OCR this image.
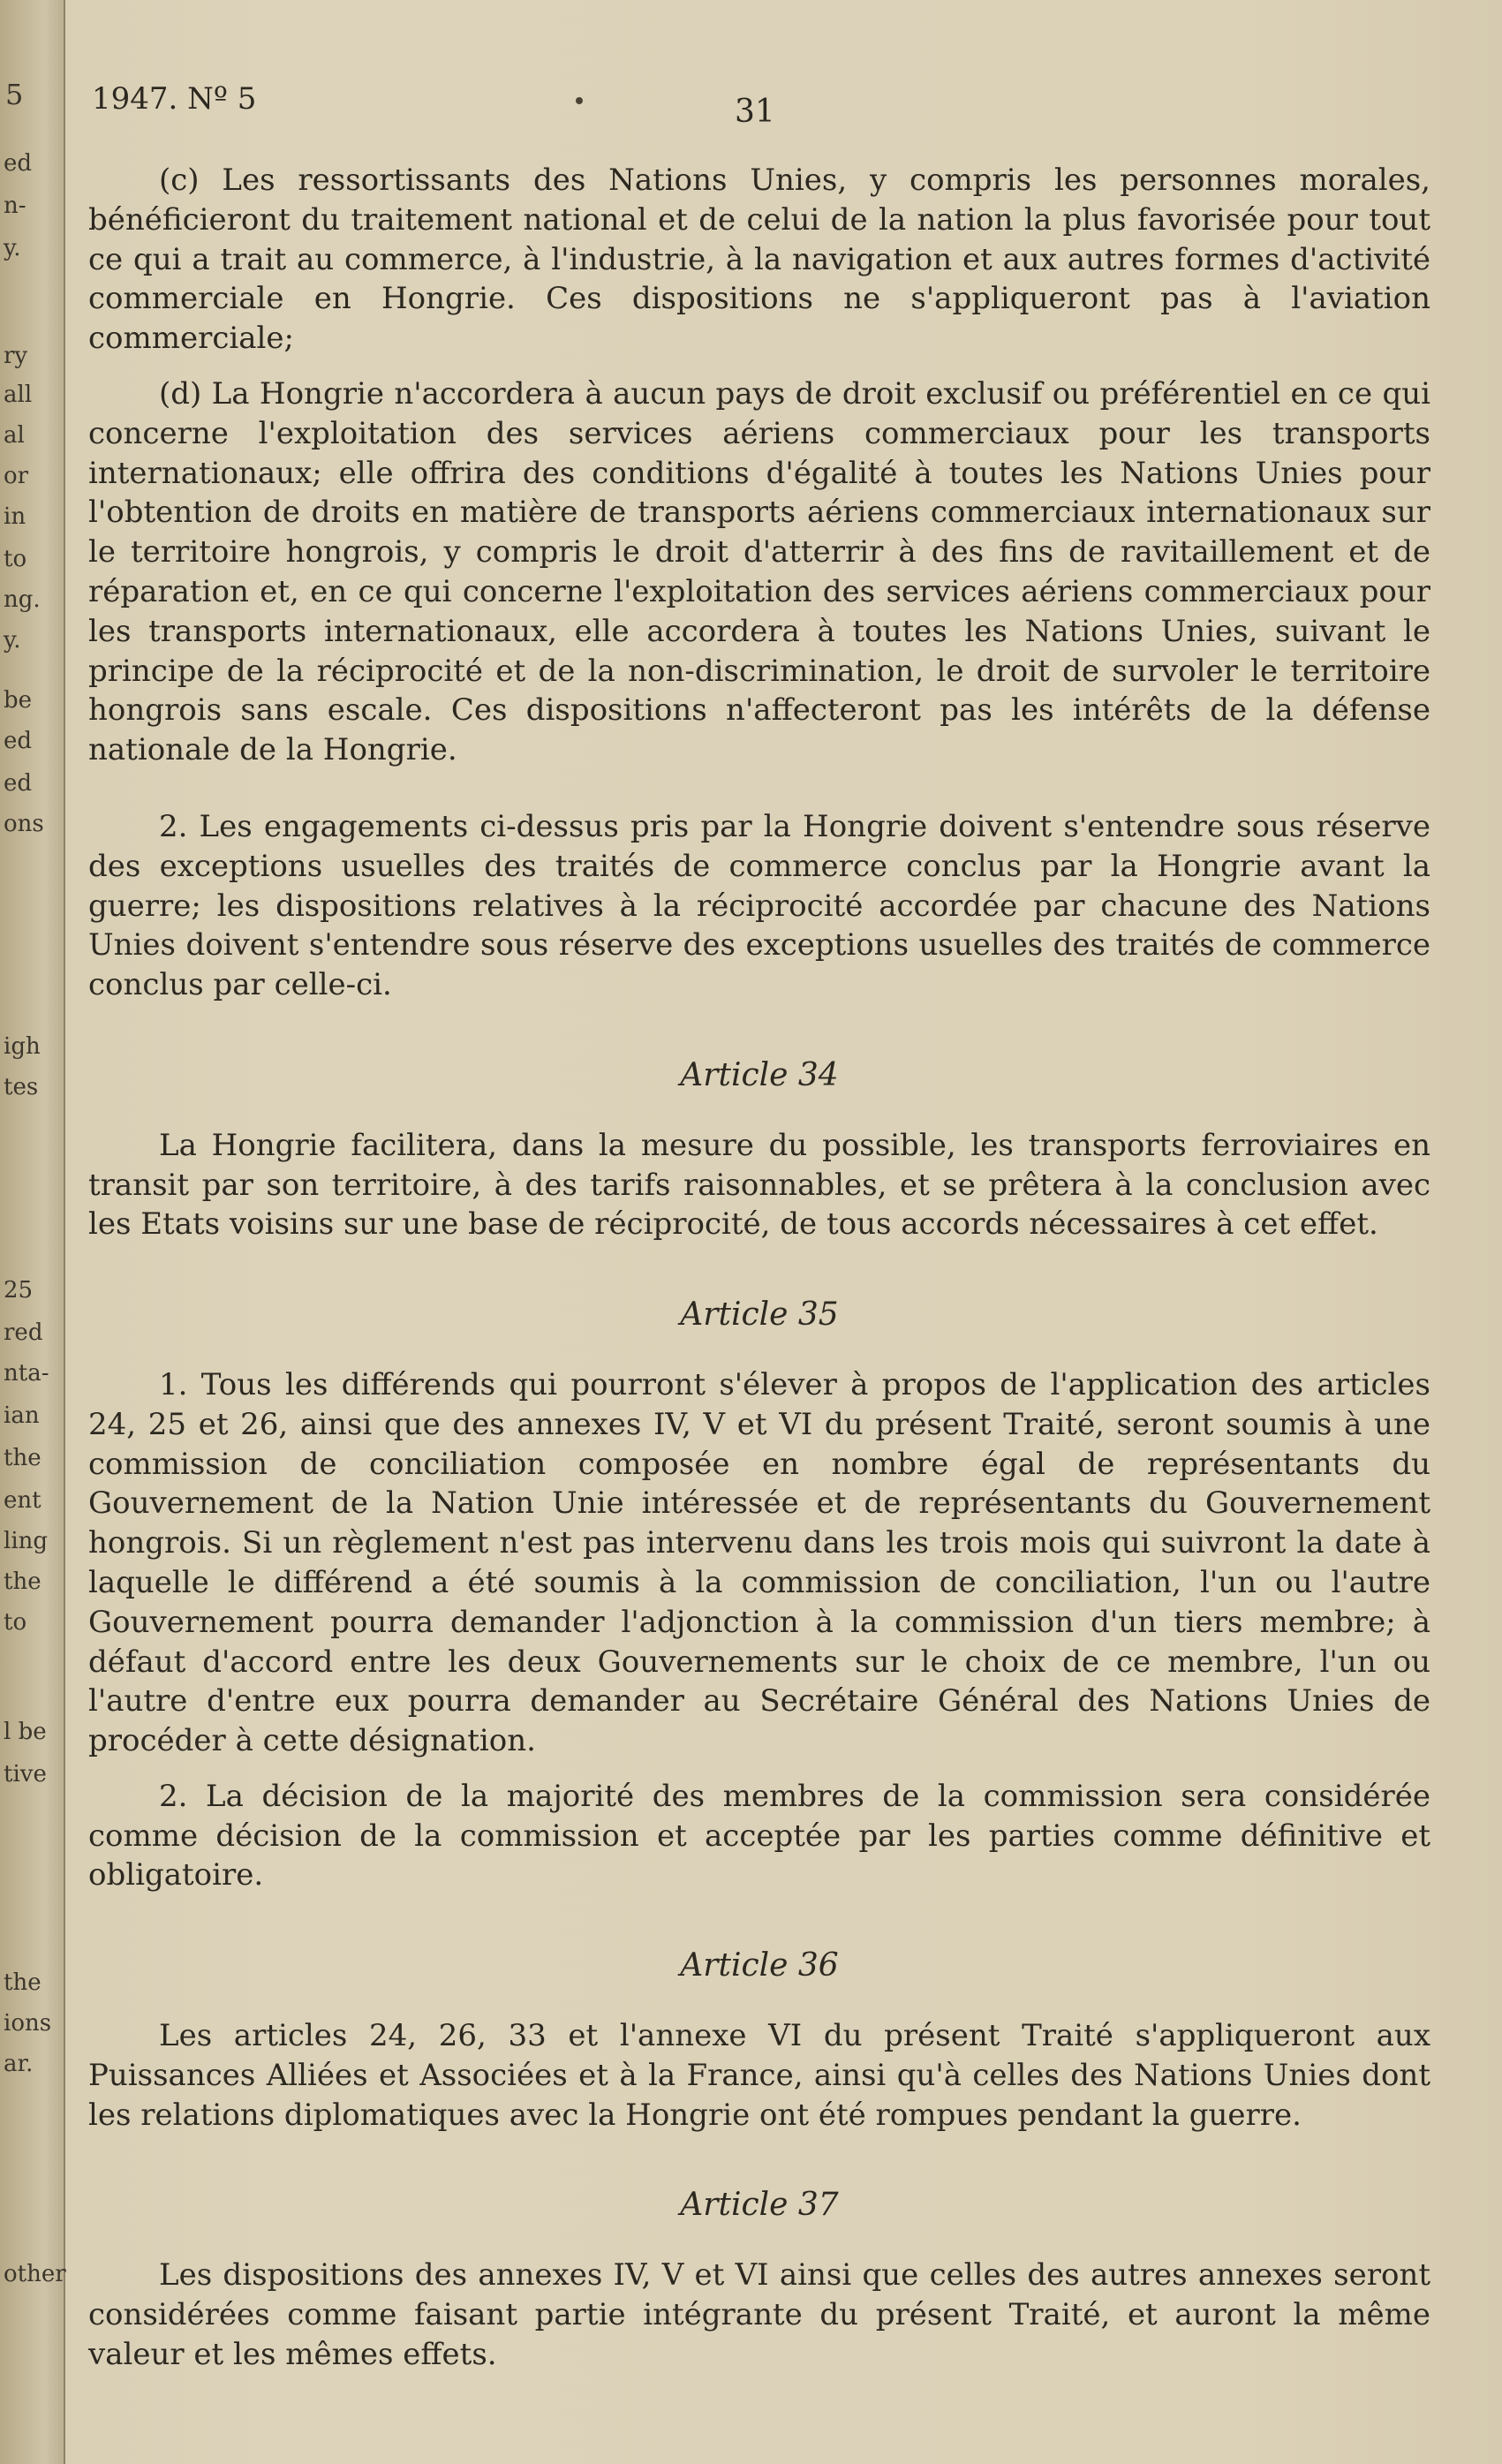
5
ed
n-
y.
ry
all
al
or
in
to
ng.
y.
be
ed
ed
ons
igh
tes
25
red
nta-
ian
the
ent
ling
the
to
l be
tive
the
ions
ar.
other
1947. Nº 5	31

(c) Les ressortissants des Nations Unies, y compris les personnes morales, bénéficieront du traitement national et de celui de la nation la plus favorisée pour tout ce qui a trait au commerce, à l'industrie, à la navigation et aux autres formes d'activité commerciale en Hongrie. Ces dispositions ne s'appliqueront pas à l'aviation commerciale;

(d) La Hongrie n'accordera à aucun pays de droit exclusif ou préférentiel en ce qui concerne l'exploitation des services aériens commerciaux pour les transports internationaux; elle offrira des conditions d'égalité à toutes les Nations Unies pour l'obtention de droits en matière de transports aériens commerciaux internationaux sur le territoire hongrois, y compris le droit d'atterrir à des fins de ravitaillement et de réparation et, en ce qui concerne l'exploitation des services aériens commerciaux pour les transports internationaux, elle accordera à toutes les Nations Unies, suivant le principe de la réciprocité et de la non-discrimination, le droit de survoler le territoire hongrois sans escale. Ces dispositions n'affecteront pas les intérêts de la défense nationale de la Hongrie.

2. Les engagements ci-dessus pris par la Hongrie doivent s'entendre sous réserve des exceptions usuelles des traités de commerce conclus par la Hongrie avant la guerre; les dispositions relatives à la réciprocité accordée par chacune des Nations Unies doivent s'entendre sous réserve des exceptions usuelles des traités de commerce conclus par celle-ci.

Article 34

La Hongrie facilitera, dans la mesure du possible, les transports ferroviaires en transit par son territoire, à des tarifs raisonnables, et se prêtera à la conclusion avec les Etats voisins sur une base de réciprocité, de tous accords nécessaires à cet effet.

Article 35

1. Tous les différends qui pourront s'élever à propos de l'application des articles 24, 25 et 26, ainsi que des annexes IV, V et VI du présent Traité, seront soumis à une commission de conciliation composée en nombre égal de représentants du Gouvernement de la Nation Unie intéressée et de représentants du Gouvernement hongrois. Si un règlement n'est pas intervenu dans les trois mois qui suivront la date à laquelle le différend a été soumis à la commission de conciliation, l'un ou l'autre Gouvernement pourra demander l'adjonction à la commission d'un tiers membre; à défaut d'accord entre les deux Gouvernements sur le choix de ce membre, l'un ou l'autre d'entre eux pourra demander au Secrétaire Général des Nations Unies de procéder à cette désignation.

2. La décision de la majorité des membres de la commission sera considérée comme décision de la commission et acceptée par les parties comme définitive et obligatoire.

Article 36

Les articles 24, 26, 33 et l'annexe VI du présent Traité s'appliqueront aux Puissances Alliées et Associées et à la France, ainsi qu'à celles des Nations Unies dont les relations diplomatiques avec la Hongrie ont été rompues pendant la guerre.

Article 37

Les dispositions des annexes IV, V et VI ainsi que celles des autres annexes seront considérées comme faisant partie intégrante du présent Traité, et auront la même valeur et les mêmes effets.
